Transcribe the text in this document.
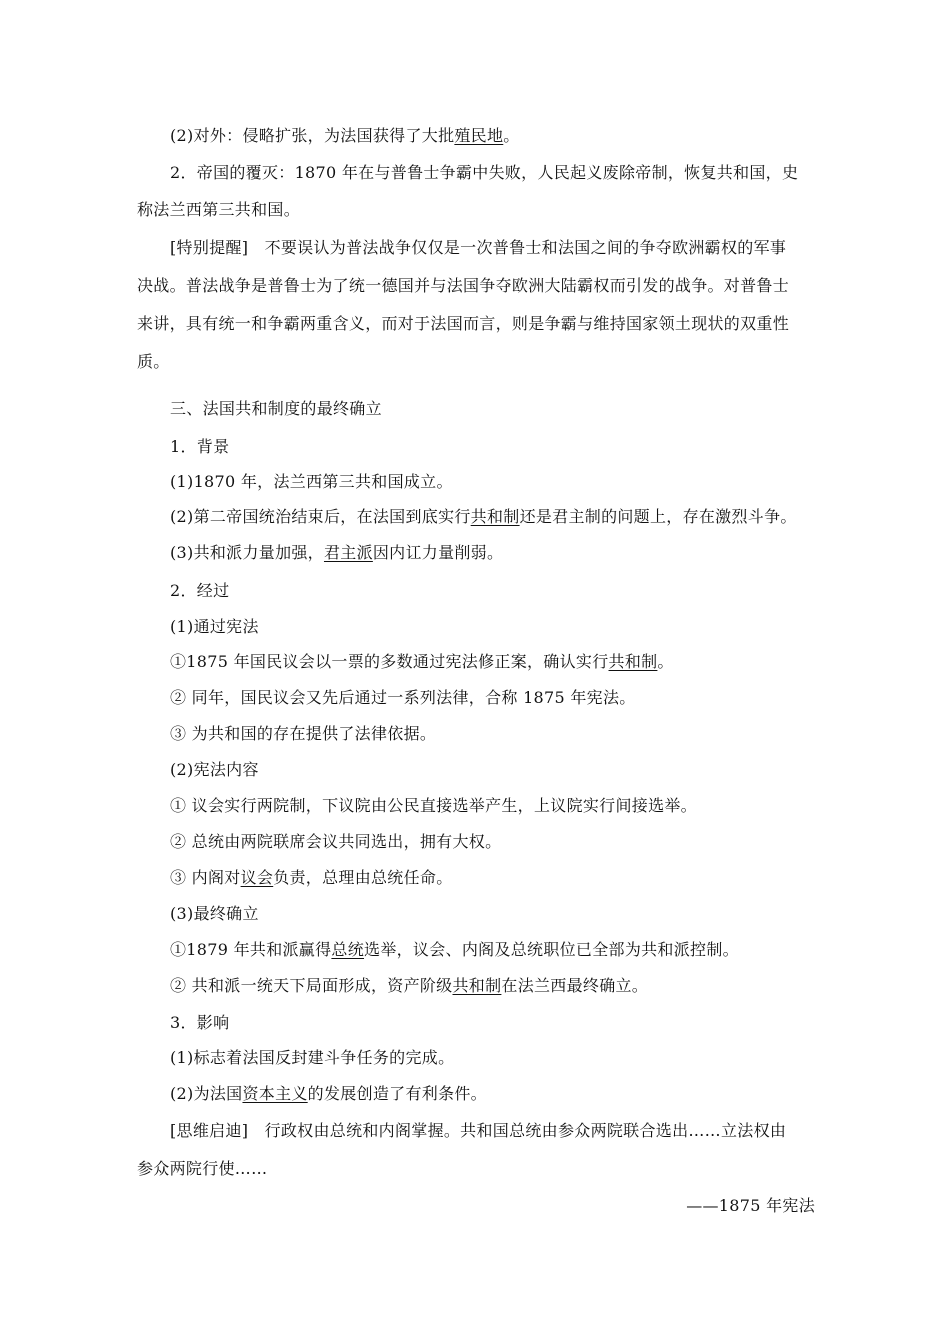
(2)对外：侵略扩张，为法国获得了大批殖民地。
2．帝国的覆灭：1870 年在与普鲁士争霸中失败，人民起义废除帝制，恢复共和国，史
称法兰西第三共和国。
[特别提醒]　不要误认为普法战争仅仅是一次普鲁士和法国之间的争夺欧洲霸权的军事
决战。普法战争是普鲁士为了统一德国并与法国争夺欧洲大陆霸权而引发的战争。对普鲁士
来讲，具有统一和争霸两重含义，而对于法国而言，则是争霸与维持国家领土现状的双重性
质。
三、法国共和制度的最终确立
1．背景
(1)1870 年，法兰西第三共和国成立。
(2)第二帝国统治结束后，在法国到底实行共和制还是君主制的问题上，存在激烈斗争。
(3)共和派力量加强，君主派因内讧力量削弱。
2．经过
(1)通过宪法
①1875 年国民议会以一票的多数通过宪法修正案，确认实行共和制。
② 同年，国民议会又先后通过一系列法律，合称 1875 年宪法。
③ 为共和国的存在提供了法律依据。
(2)宪法内容
① 议会实行两院制，下议院由公民直接选举产生，上议院实行间接选举。
② 总统由两院联席会议共同选出，拥有大权。
③ 内阁对议会负责，总理由总统任命。
(3)最终确立
①1879 年共和派赢得总统选举，议会、内阁及总统职位已全部为共和派控制。
② 共和派一统天下局面形成，资产阶级共和制在法兰西最终确立。
3．影响
(1)标志着法国反封建斗争任务的完成。
(2)为法国资本主义的发展创造了有利条件。
[思维启迪]　行政权由总统和内阁掌握。共和国总统由参众两院联合选出……立法权由
参众两院行使……
——1875 年宪法
